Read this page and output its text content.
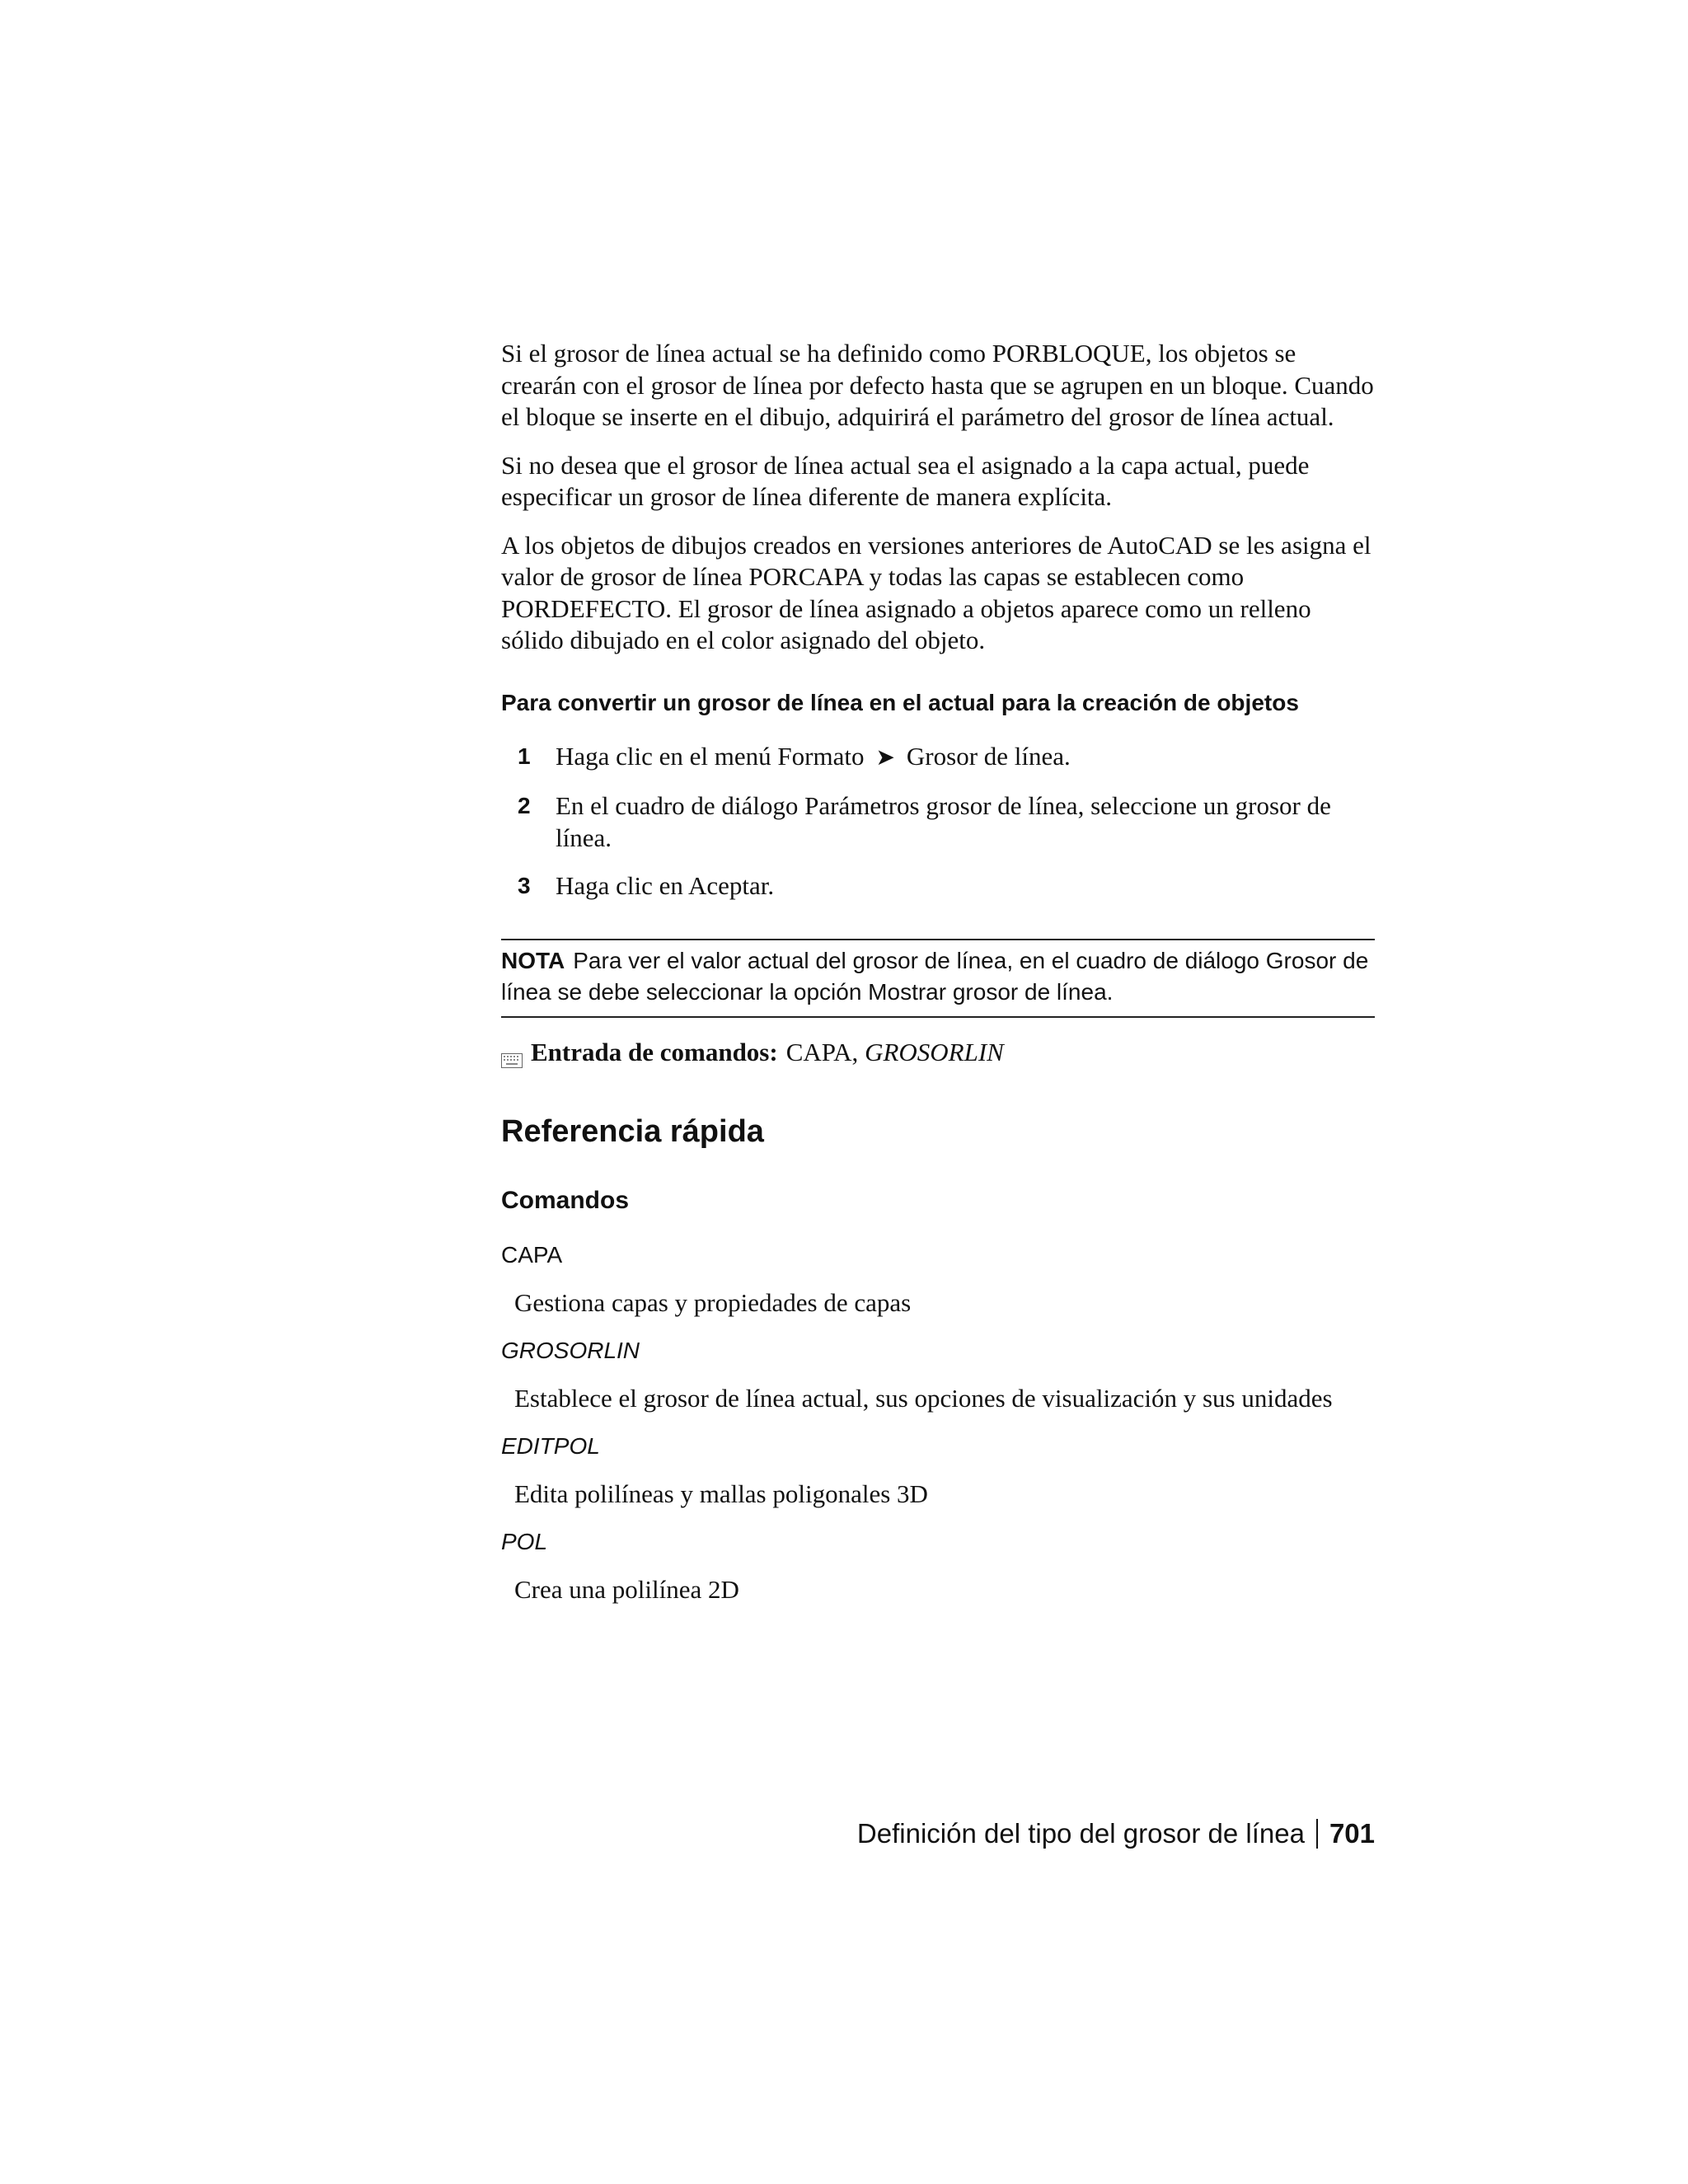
Si el grosor de línea actual se ha definido como PORBLOQUE, los objetos se crearán con el grosor de línea por defecto hasta que se agrupen en un bloque. Cuando el bloque se inserte en el dibujo, adquirirá el parámetro del grosor de línea actual.

Si no desea que el grosor de línea actual sea el asignado a la capa actual, puede especificar un grosor de línea diferente de manera explícita.

A los objetos de dibujos creados en versiones anteriores de AutoCAD se les asigna el valor de grosor de línea PORCAPA y todas las capas se establecen como PORDEFECTO. El grosor de línea asignado a objetos aparece como un relleno sólido dibujado en el color asignado del objeto.

Para convertir un grosor de línea en el actual para la creación de objetos
1 Haga clic en el menú Formato ➤ Grosor de línea.
2 En el cuadro de diálogo Parámetros grosor de línea, seleccione un grosor de línea.
3 Haga clic en Aceptar.
NOTA Para ver el valor actual del grosor de línea, en el cuadro de diálogo Grosor de línea se debe seleccionar la opción Mostrar grosor de línea.
Entrada de comandos: CAPA,
GROSORLIN
Referencia rápida
Comandos
CAPA
Gestiona capas y propiedades de capas
GROSORLIN
Establece el grosor de línea actual, sus opciones de visualización y sus unidades
EDITPOL
Edita polilíneas y mallas poligonales 3D
POL
Crea una polilínea 2D
Definición del tipo del grosor de línea 701
